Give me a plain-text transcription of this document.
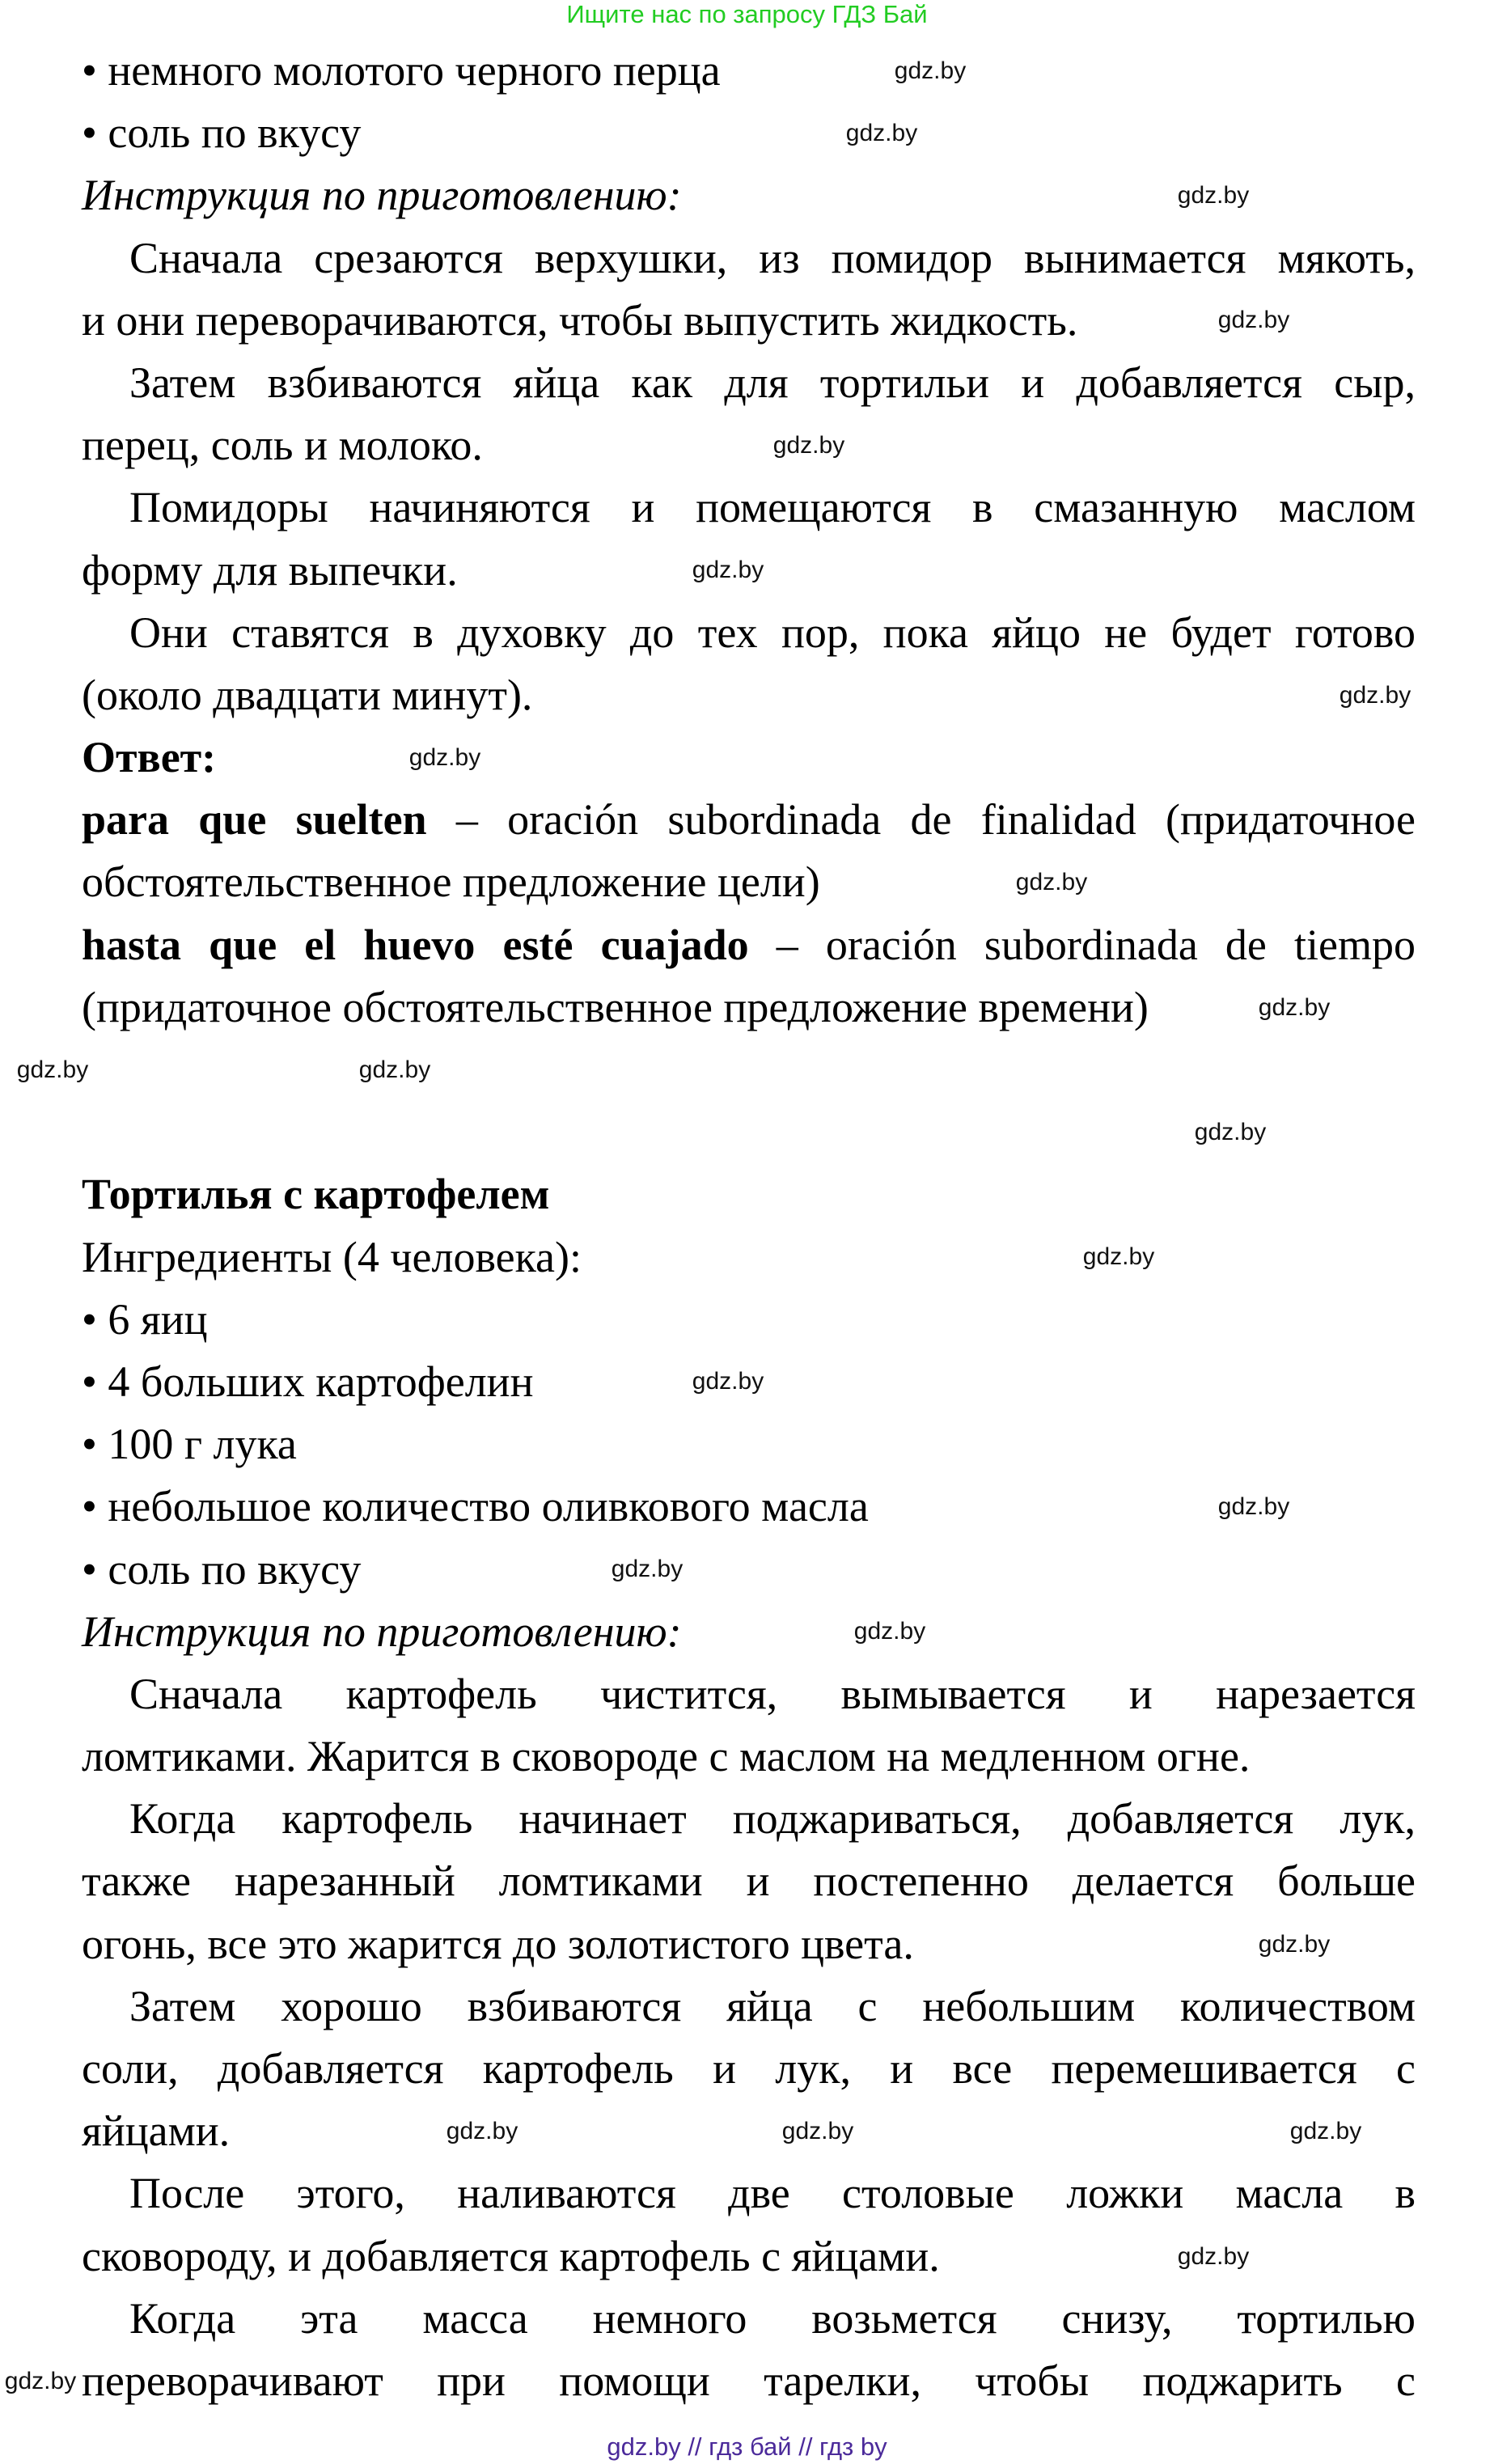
Ищите нас по запросу ГДЗ Бай
• немного молотого черного перца
• соль по вкусу
Инструкция по приготовлению:
Сначала срезаются верхушки, из помидор вынимается мякоть,
и они переворачиваются, чтобы выпустить жидкость.
Затем взбиваются яйца как для тортильи и добавляется сыр,
перец, соль и молоко.
Помидоры начиняются и помещаются в смазанную маслом
форму для выпечки.
Они ставятся в духовку до тех пор, пока яйцо не будет готово
(около двадцати минут).
Ответ:
para que suelten – oración subordinada de finalidad (придаточное
обстоятельственное предложение цели)
hasta que el huevo esté cuajado – oración subordinada de tiempo
(придаточное обстоятельственное предложение времени)
Тортилья с картофелем
Ингредиенты (4 человека):
• 6 яиц
• 4 больших картофелин
• 100 г лука
• небольшое количество оливкового масла
• соль по вкусу
Инструкция по приготовлению:
Сначала картофель чистится, вымывается и нарезается
ломтиками. Жарится в сковороде с маслом на медленном огне.
Когда картофель начинает поджариваться, добавляется лук,
также нарезанный ломтиками и постепенно делается больше
огонь, все это жарится до золотистого цвета.
Затем хорошо взбиваются яйца с небольшим количеством
соли, добавляется картофель и лук, и все перемешивается с
яйцами.
После этого, наливаются две столовые ложки масла в
сковороду, и добавляется картофель с яйцами.
Когда эта масса немного возьмется снизу, тортилью
переворачивают при помощи тарелки, чтобы поджарить с
gdz.by
gdz.by
gdz.by
gdz.by
gdz.by
gdz.by
gdz.by
gdz.by
gdz.by
gdz.by
gdz.by	gdz.by
gdz.by
gdz.by
gdz.by
gdz.by
gdz.by
gdz.by
gdz.by
gdz.by	gdz.by	gdz.by
gdz.by
gdz.by
gdz.by // гдз бай // гдз by
